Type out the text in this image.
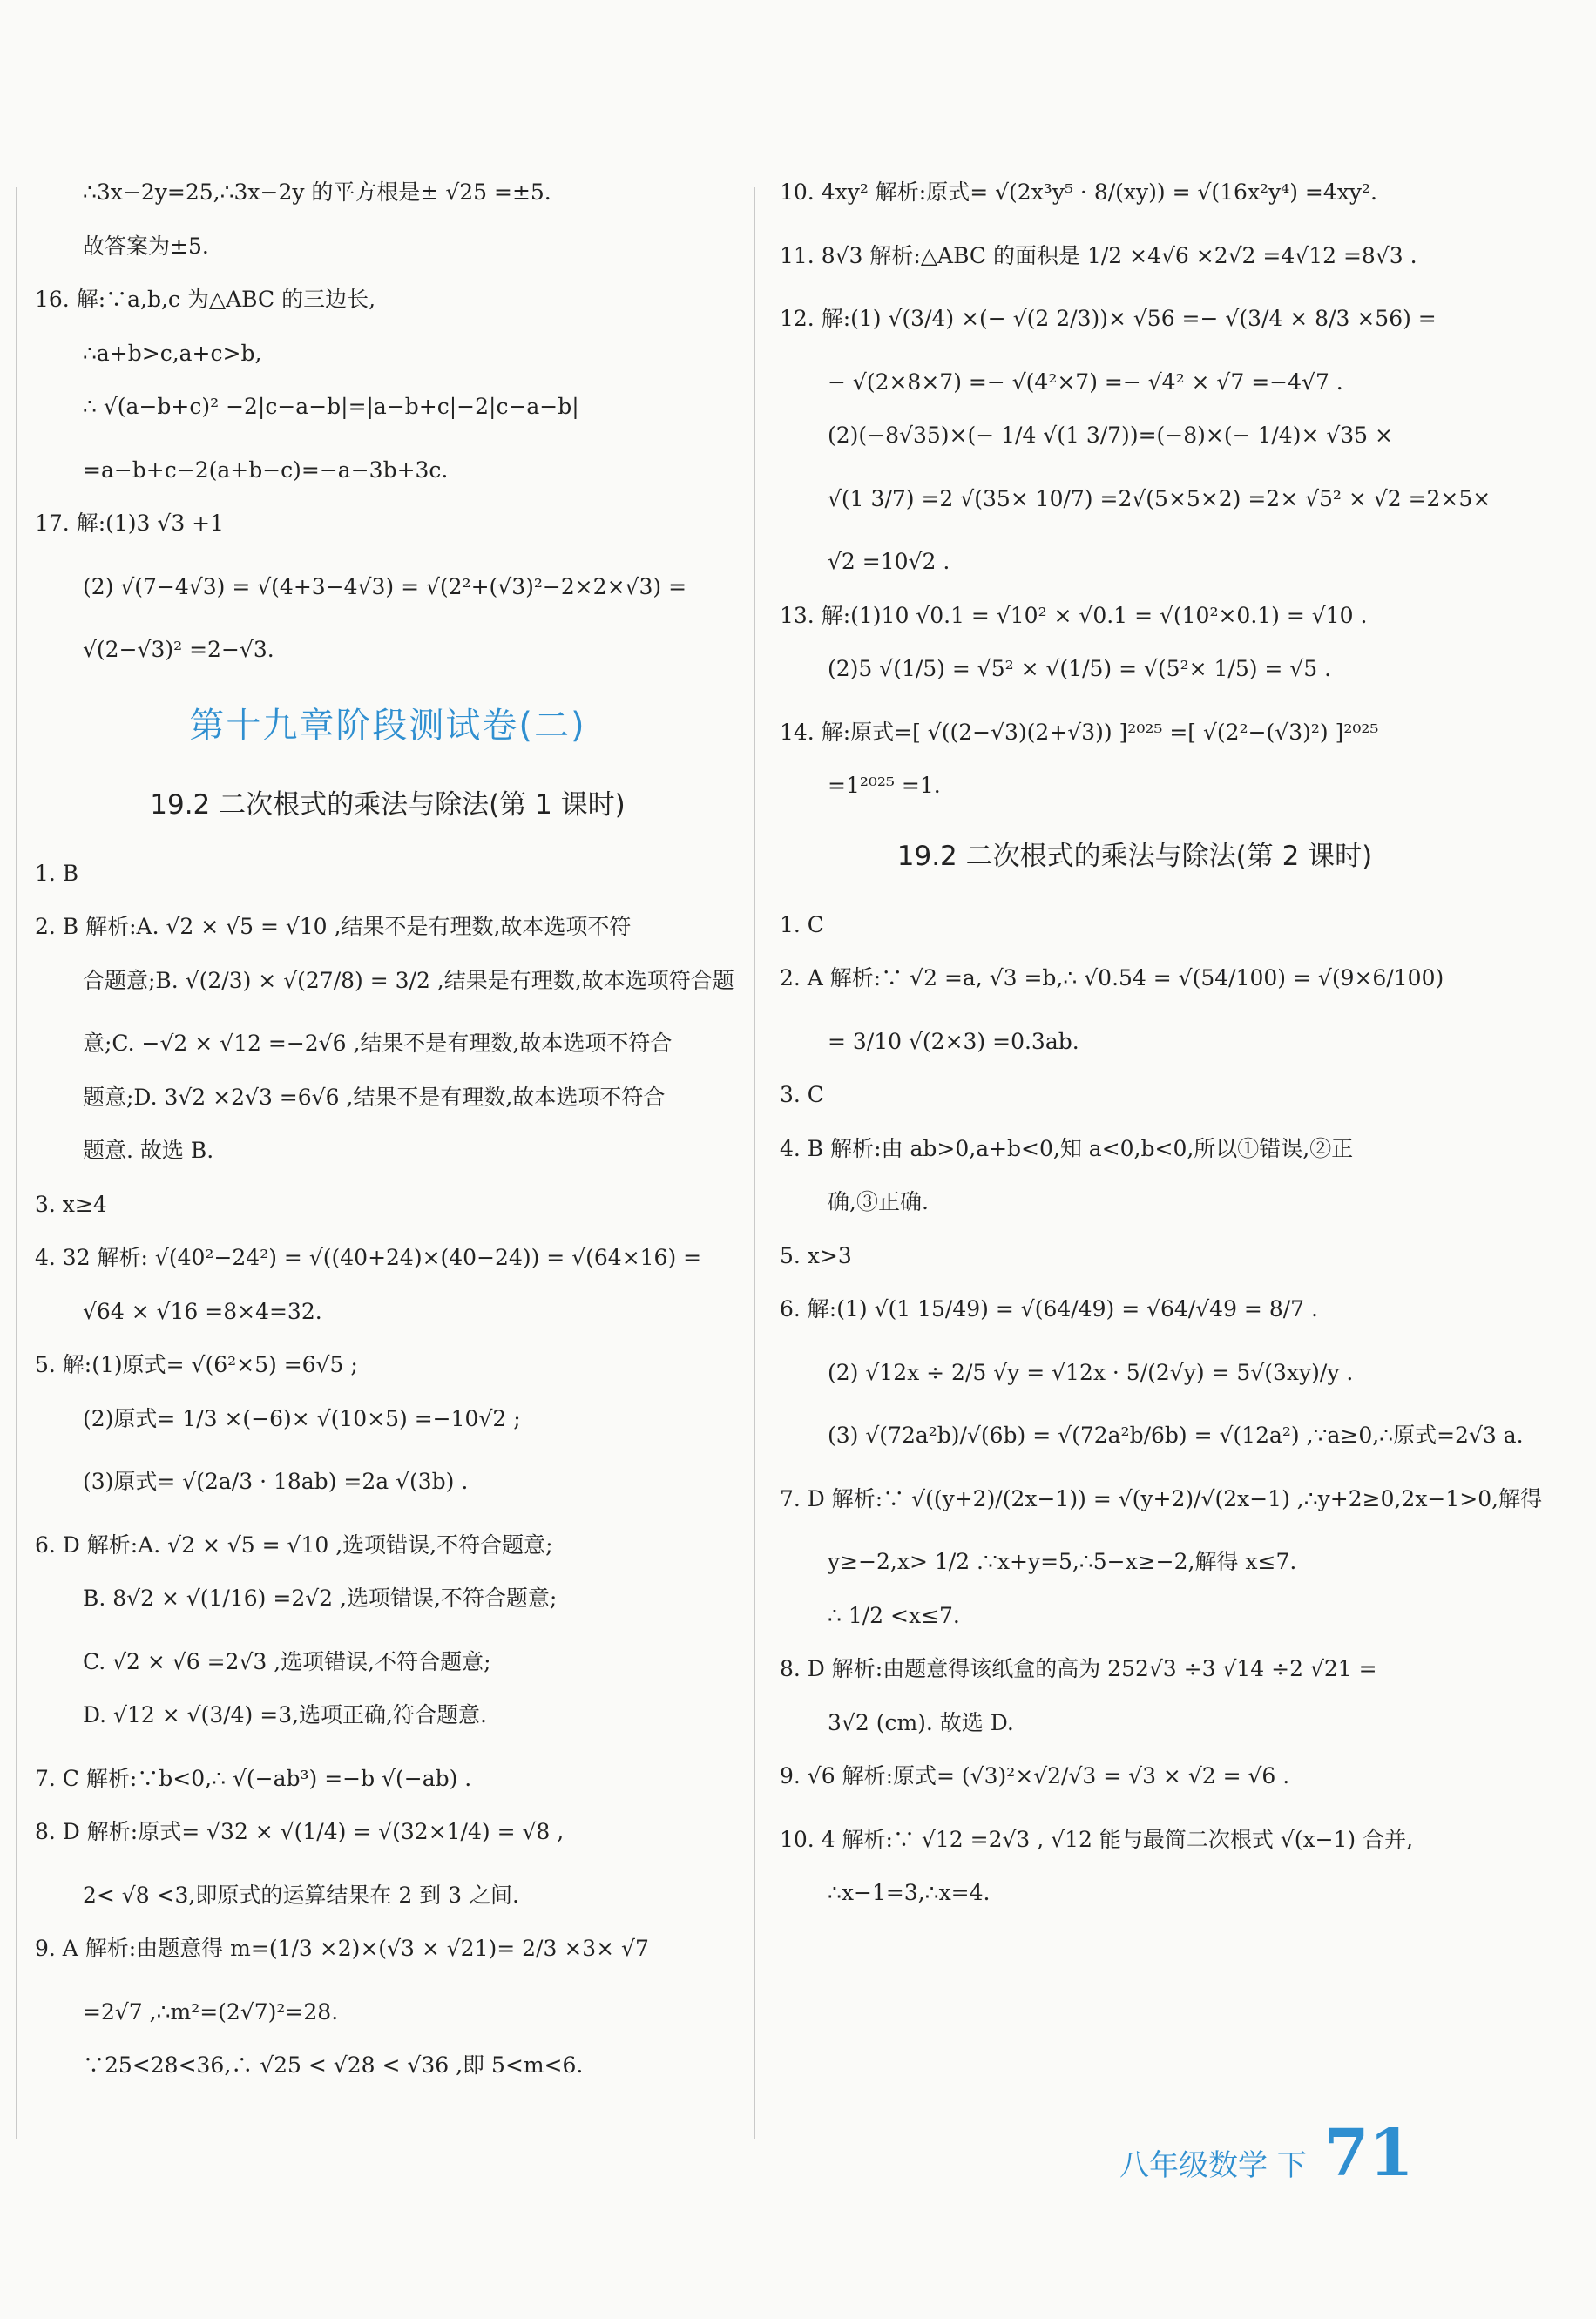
∴3x−2y=25,∴3x−2y 的平方根是± √25 =±5.
故答案为±5.
16. 解:∵a,b,c 为△ABC 的三边长,
∴a+b>c,a+c>b,
∴ √(a−b+c)² −2|c−a−b|=|a−b+c|−2|c−a−b|
=a−b+c−2(a+b−c)=−a−3b+3c.
17. 解:(1)3 √3 +1
(2) √(7−4√3) = √(4+3−4√3) = √(2²+(√3)²−2×2×√3) =
√(2−√3)² =2−√3.
第十九章阶段测试卷(二)
19.2 二次根式的乘法与除法(第 1 课时)
1. B
2. B 解析:A. √2 × √5 = √10 ,结果不是有理数,故本选项不符
合题意;B. √(2/3) × √(27/8) = 3/2 ,结果是有理数,故本选项符合题
意;C. −√2 × √12 =−2√6 ,结果不是有理数,故本选项不符合
题意;D. 3√2 ×2√3 =6√6 ,结果不是有理数,故本选项不符合
题意. 故选 B.
3. x≥4
4. 32 解析: √(40²−24²) = √((40+24)×(40−24)) = √(64×16) =
√64 × √16 =8×4=32.
5. 解:(1)原式= √(6²×5) =6√5 ;
(2)原式= 1/3 ×(−6)× √(10×5) =−10√2 ;
(3)原式= √(2a/3 · 18ab) =2a √(3b) .
6. D 解析:A. √2 × √5 = √10 ,选项错误,不符合题意;
B. 8√2 × √(1/16) =2√2 ,选项错误,不符合题意;
C. √2 × √6 =2√3 ,选项错误,不符合题意;
D. √12 × √(3/4) =3,选项正确,符合题意.
7. C 解析:∵b<0,∴ √(−ab³) =−b √(−ab) .
8. D 解析:原式= √32 × √(1/4) = √(32×1/4) = √8 ,
2< √8 <3,即原式的运算结果在 2 到 3 之间.
9. A 解析:由题意得 m=(1/3 ×2)×(√3 × √21)= 2/3 ×3× √7
=2√7 ,∴m²=(2√7)²=28.
∵25<28<36,∴ √25 < √28 < √36 ,即 5<m<6.
10. 4xy² 解析:原式= √(2x³y⁵ · 8/(xy)) = √(16x²y⁴) =4xy².
11. 8√3 解析:△ABC 的面积是 1/2 ×4√6 ×2√2 =4√12 =8√3 .
12. 解:(1) √(3/4) ×(− √(2 2/3))× √56 =− √(3/4 × 8/3 ×56) =
− √(2×8×7) =− √(4²×7) =− √4² × √7 =−4√7 .
(2)(−8√35)×(− 1/4 √(1 3/7))=(−8)×(− 1/4)× √35 ×
√(1 3/7) =2 √(35× 10/7) =2√(5×5×2) =2× √5² × √2 =2×5×
√2 =10√2 .
13. 解:(1)10 √0.1 = √10² × √0.1 = √(10²×0.1) = √10 .
(2)5 √(1/5) = √5² × √(1/5) = √(5²× 1/5) = √5 .
14. 解:原式=[ √((2−√3)(2+√3)) ]²⁰²⁵ =[ √(2²−(√3)²) ]²⁰²⁵
=1²⁰²⁵ =1.
19.2 二次根式的乘法与除法(第 2 课时)
1. C
2. A 解析:∵ √2 =a, √3 =b,∴ √0.54 = √(54/100) = √(9×6/100)
= 3/10 √(2×3) =0.3ab.
3. C
4. B 解析:由 ab>0,a+b<0,知 a<0,b<0,所以①错误,②正
确,③正确.
5. x>3
6. 解:(1) √(1 15/49) = √(64/49) = √64/√49 = 8/7 .
(2) √12x ÷ 2/5 √y = √12x · 5/(2√y) = 5√(3xy)/y .
(3) √(72a²b)/√(6b) = √(72a²b/6b) = √(12a²) ,∵a≥0,∴原式=2√3 a.
7. D 解析:∵ √((y+2)/(2x−1)) = √(y+2)/√(2x−1) ,∴y+2≥0,2x−1>0,解得
y≥−2,x> 1/2 .∵x+y=5,∴5−x≥−2,解得 x≤7.
∴ 1/2 <x≤7.
8. D 解析:由题意得该纸盒的高为 252√3 ÷3 √14 ÷2 √21 =
3√2 (cm). 故选 D.
9. √6 解析:原式= (√3)²×√2/√3 = √3 × √2 = √6 .
10. 4 解析:∵ √12 =2√3 , √12 能与最简二次根式 √(x−1) 合并,
∴x−1=3,∴x=4.
八年级数学 下 71
